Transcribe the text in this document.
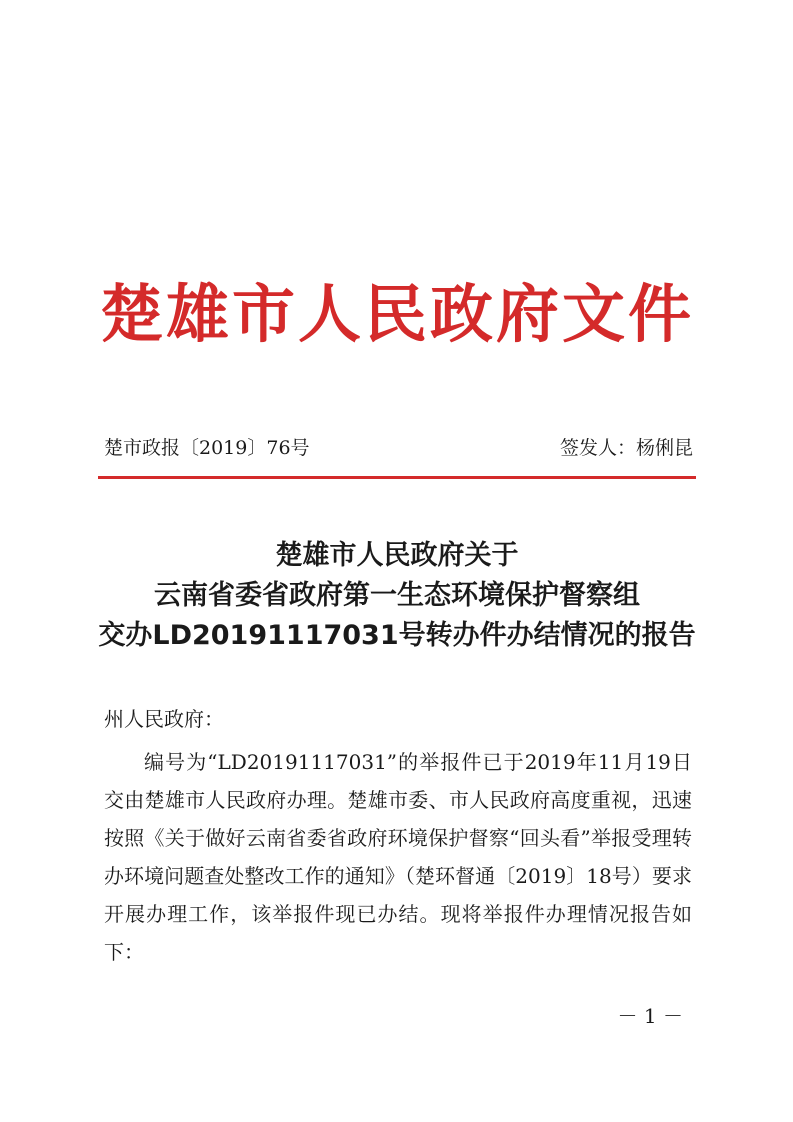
楚雄市人民政府文件
楚市政报〔2019〕76号	签发人：杨俐昆
楚雄市人民政府关于
云南省委省政府第一生态环境保护督察组
交办LD20191117031号转办件办结情况的报告

州人民政府：

编号为“LD20191117031”的举报件已于2019年11月19日交由楚雄市人民政府办理。楚雄市委、市人民政府高度重视，迅速按照《关于做好云南省委省政府环境保护督察“回头看”举报受理转办环境问题查处整改工作的通知》（楚环督通〔2019〕18号）要求开展办理工作，该举报件现已办结。现将举报件办理情况报告如下：

－ 1 －
